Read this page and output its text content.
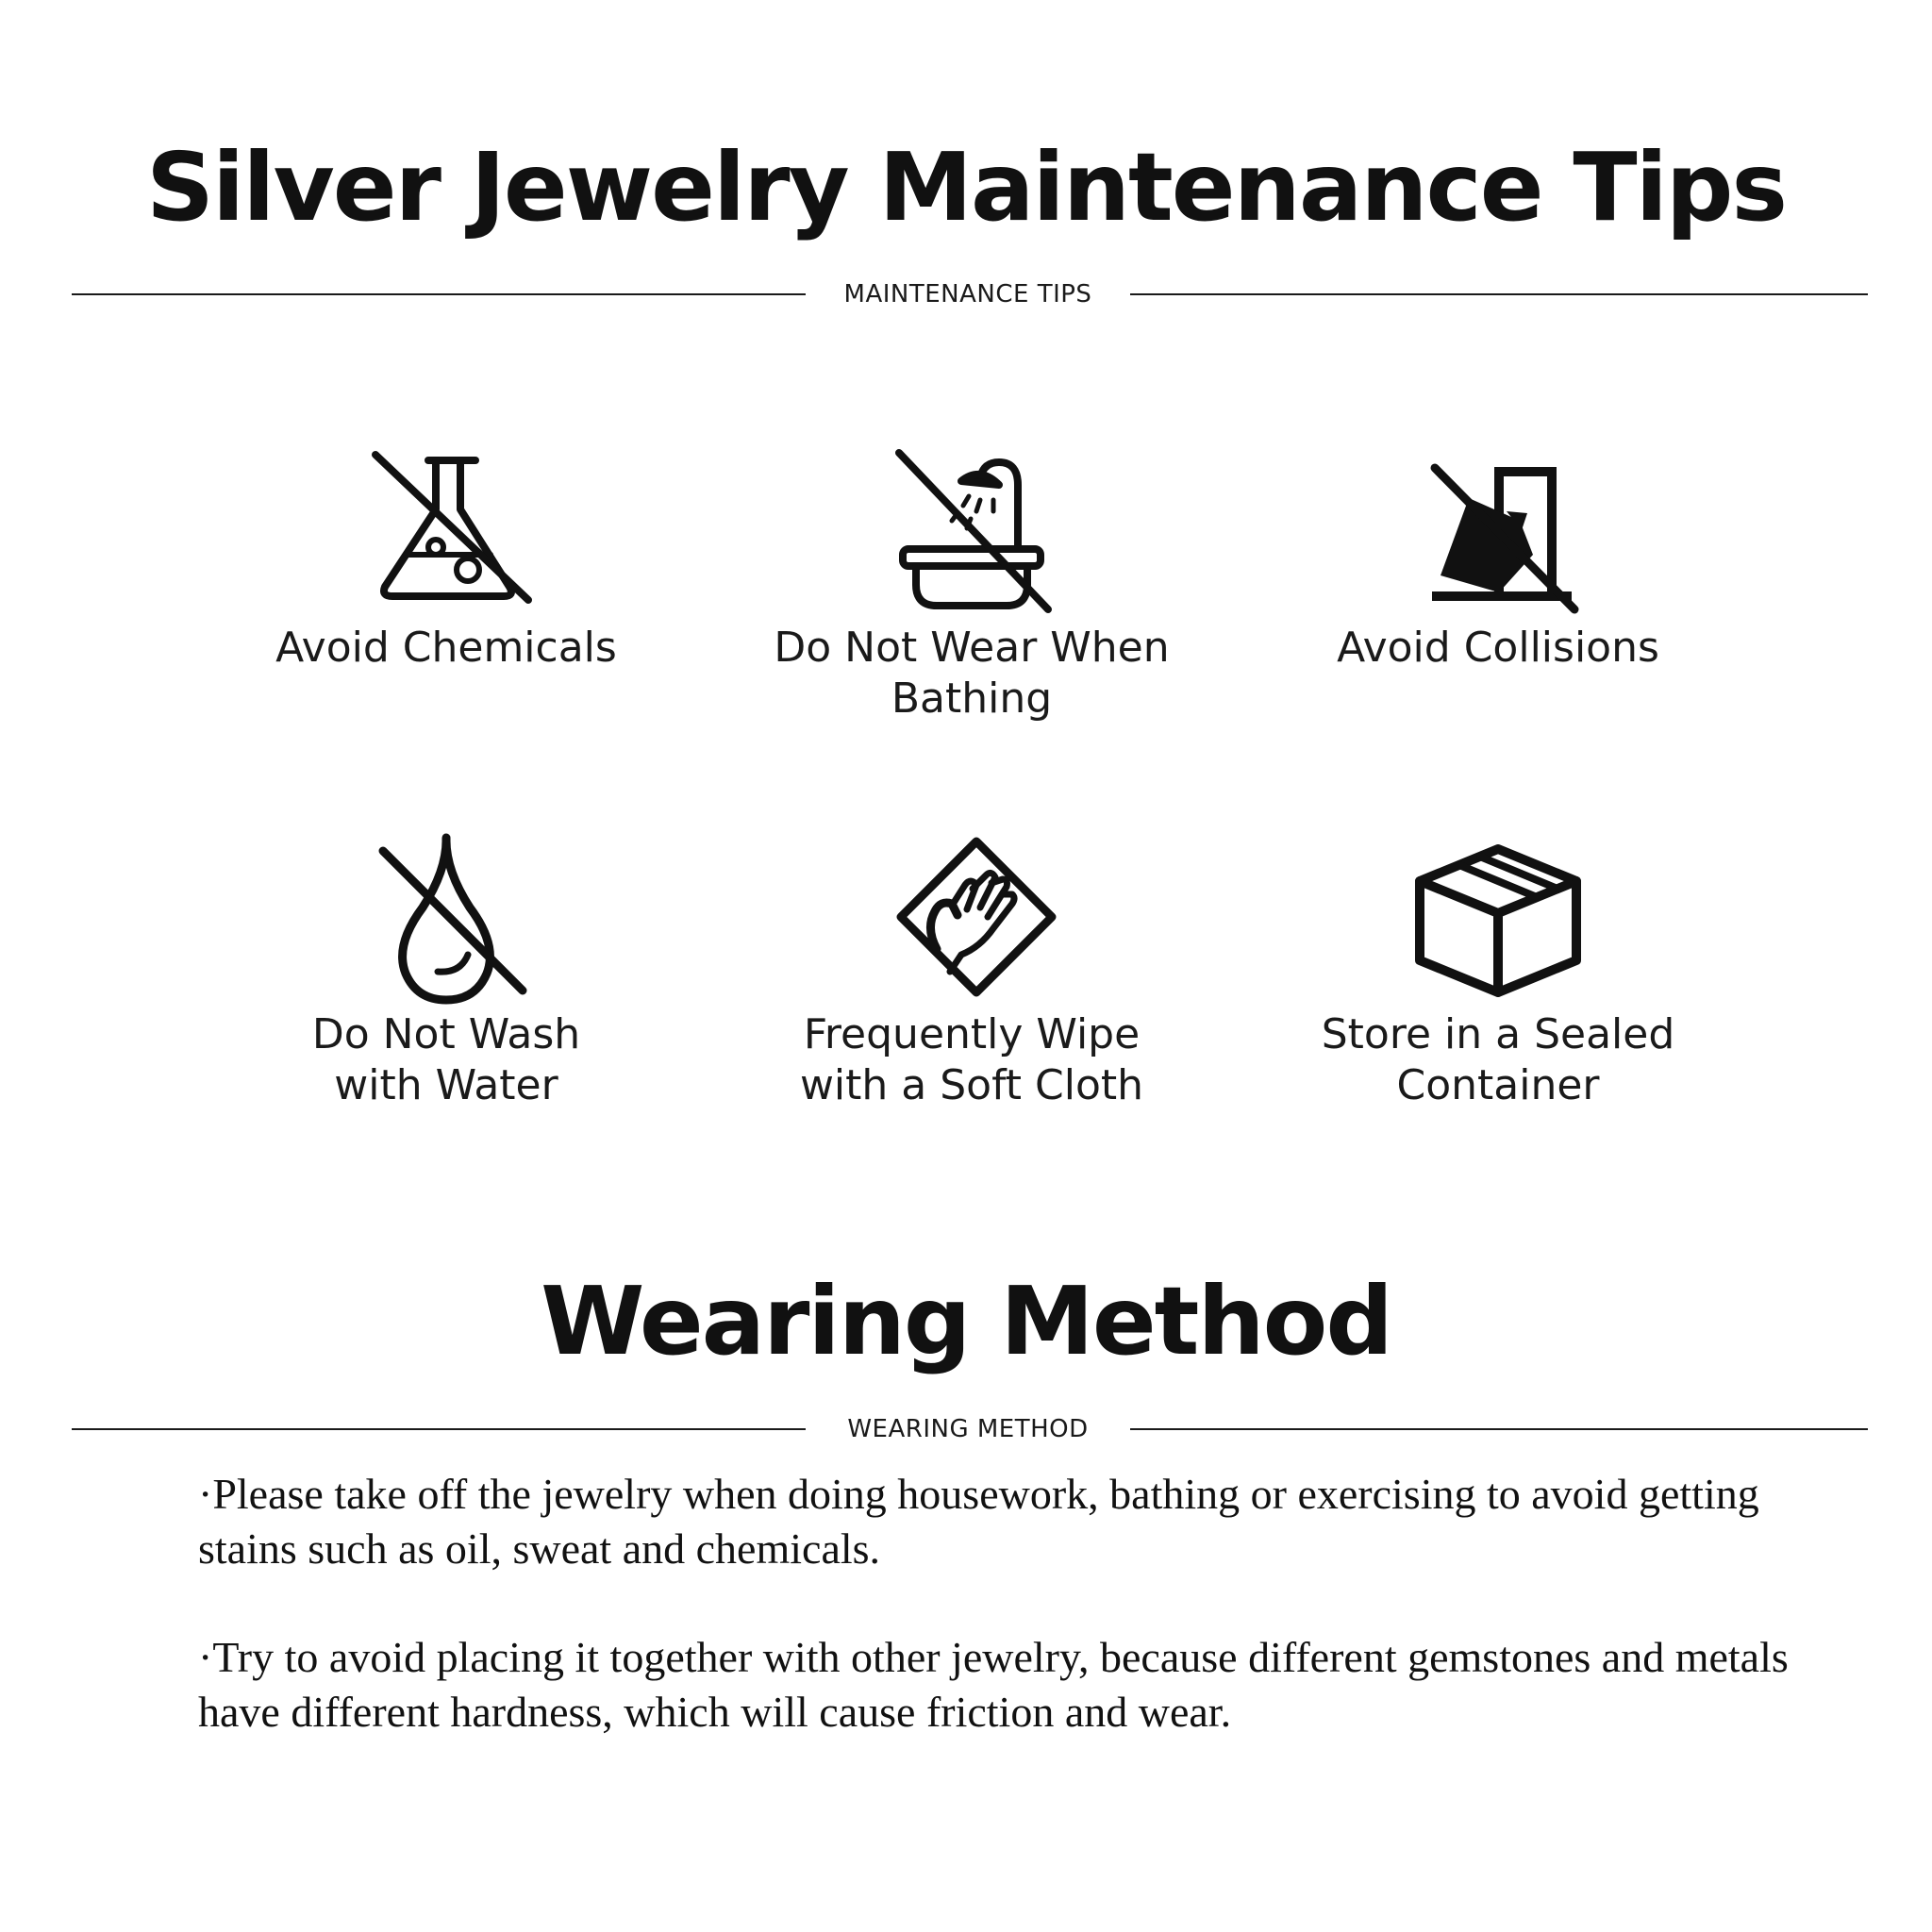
Silver Jewelry Maintenance Tips
MAINTENANCE TIPS
Avoid Chemicals	Do Not Wear When
Bathing
Avoid Collisions
Do Not Wash
with Water
Frequently Wipe
with a Soft Cloth
Store in a Sealed
Container
Wearing Method
WEARING METHOD

·Please take off the jewelry when doing housework, bathing or exercising to avoid getting stains such as oil, sweat and chemicals.

·Try to avoid placing it together with other jewelry, because different gemstones and metals have different hardness, which will cause friction and wear.
